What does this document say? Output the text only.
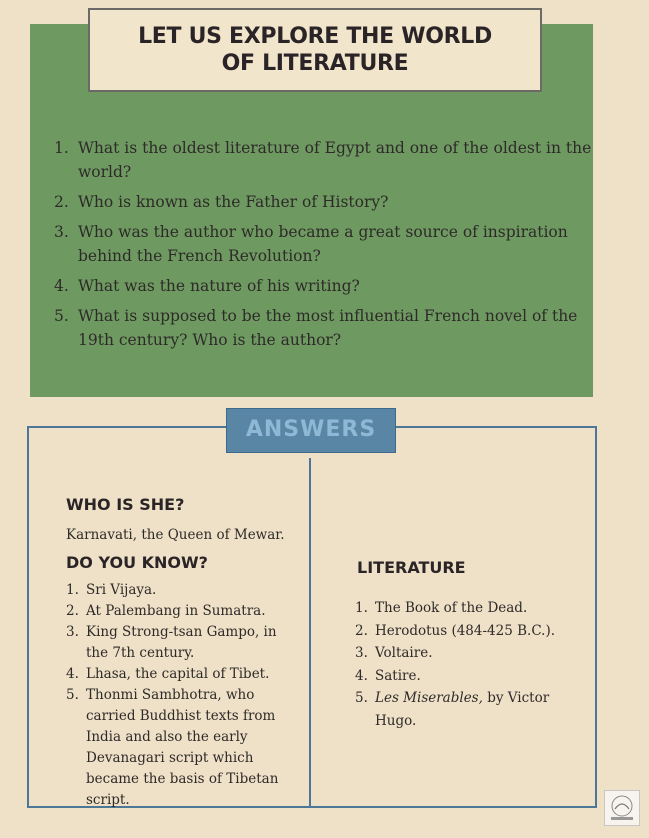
LET US EXPLORE THE WORLD
OF LITERATURE
1. What is the oldest literature of Egypt and one of the oldest in the world?
2. Who is known as the Father of History?
3. Who was the author who became a great source of inspiration behind the French Revolution?
4. What was the nature of his writing?
5. What is supposed to be the most influential French novel of the 19th century? Who is the author?
ANSWERS
WHO IS SHE?
Karnavati, the Queen of Mewar.
DO YOU KNOW?
1. Sri Vijaya.
2. At Palembang in Sumatra.
3. King Strong-tsan Gampo, in the 7th century.
4. Lhasa, the capital of Tibet.
5. Thonmi Sambhotra, who carried Buddhist texts from India and also the early Devanagari script which became the basis of Tibetan script.
LITERATURE
1. The Book of the Dead.
2. Herodotus (484-425 B.C.).
3. Voltaire.
4. Satire.
5. Les Miserables, by Victor Hugo.
